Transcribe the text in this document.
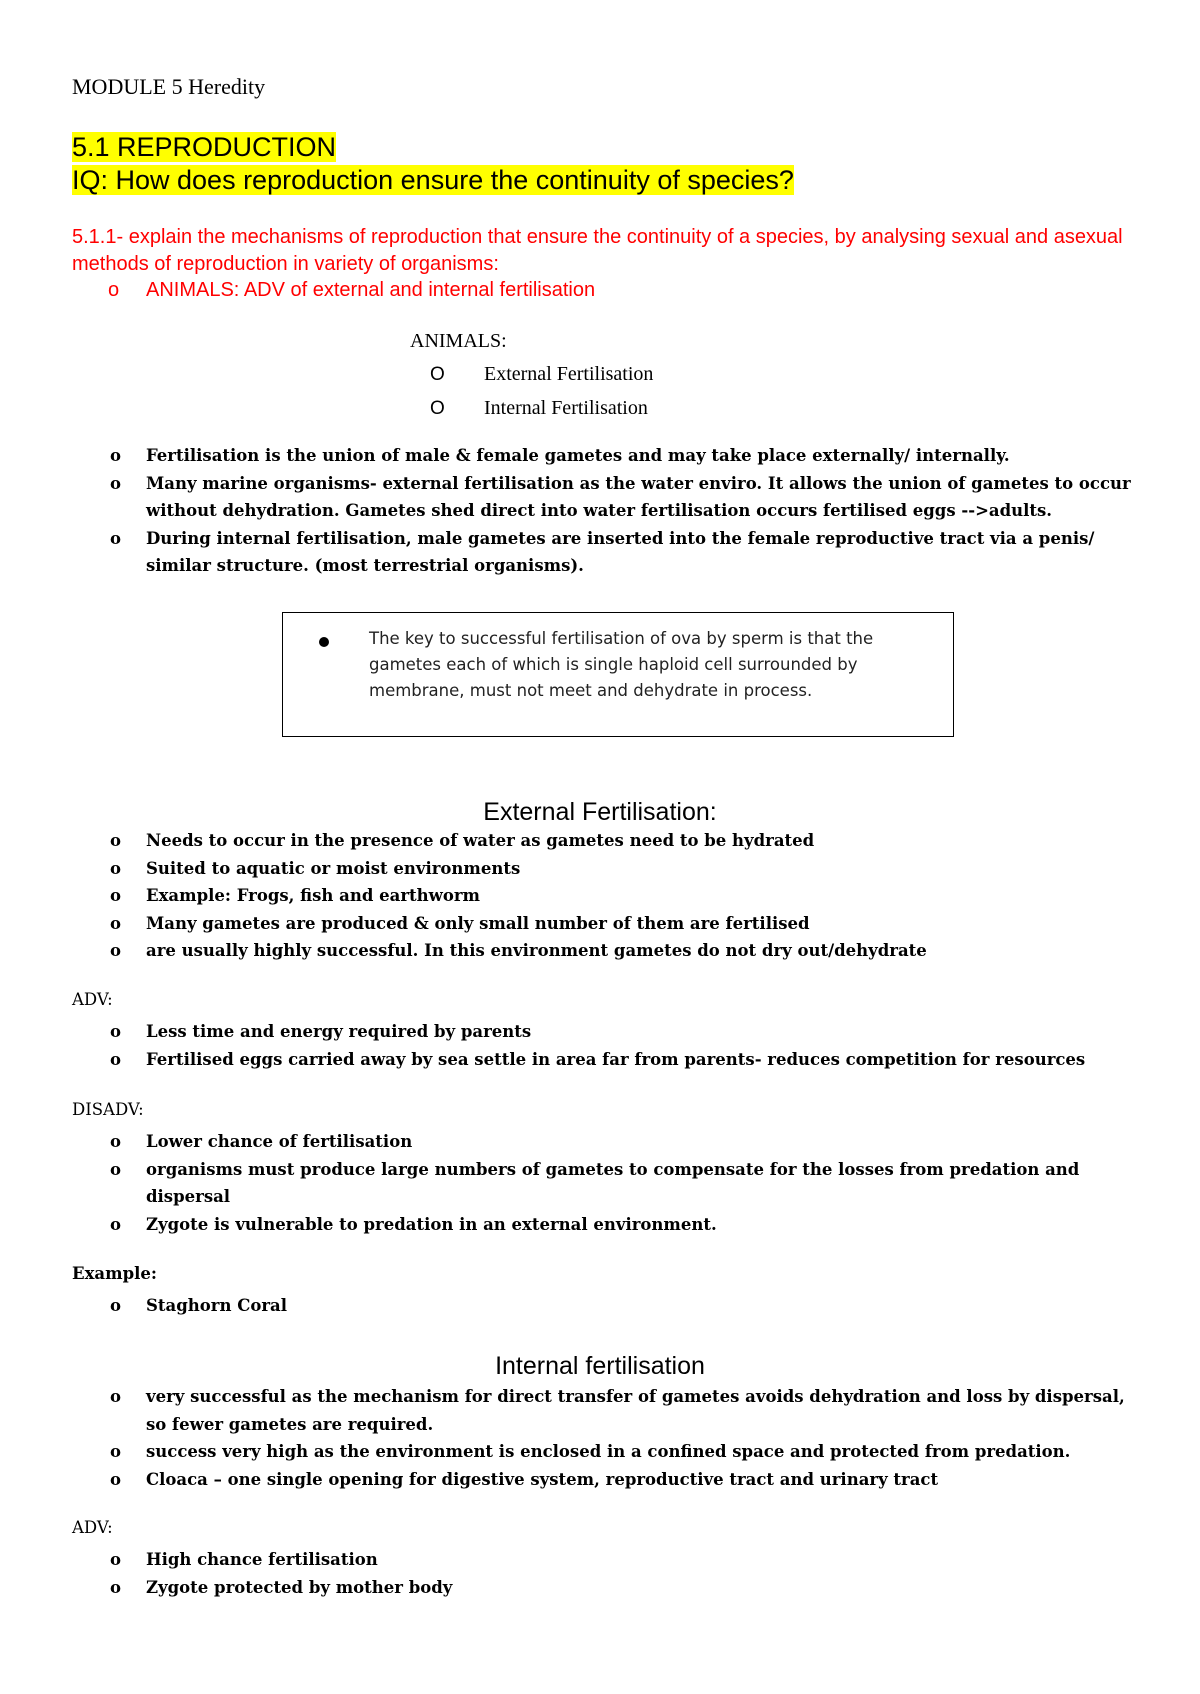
MODULE 5 Heredity
5.1 REPRODUCTION
IQ: How does reproduction ensure the continuity of species?
5.1.1- explain the mechanisms of reproduction that ensure the continuity of a species, by analysing sexual and asexual methods of reproduction in variety of organisms:
o ANIMALS: ADV of external and internal fertilisation
ANIMALS:
O External Fertilisation
O Internal Fertilisation
o Fertilisation is the union of male & female gametes and may take place externally/ internally.
o Many marine organisms- external fertilisation as the water enviro. It allows the union of gametes to occur without dehydration. Gametes shed direct into water fertilisation occurs fertilised eggs -->adults.
o During internal fertilisation, male gametes are inserted into the female reproductive tract via a penis/ similar structure. (most terrestrial organisms).
The key to successful fertilisation of ova by sperm is that the gametes each of which is single haploid cell surrounded by membrane, must not meet and dehydrate in process.
External Fertilisation:
o Needs to occur in the presence of water as gametes need to be hydrated
o Suited to aquatic or moist environments
o Example: Frogs, fish and earthworm
o Many gametes are produced & only small number of them are fertilised
o are usually highly successful. In this environment gametes do not dry out/dehydrate
ADV:
o Less time and energy required by parents
o Fertilised eggs carried away by sea settle in area far from parents- reduces competition for resources
DISADV:
o Lower chance of fertilisation
o organisms must produce large numbers of gametes to compensate for the losses from predation and dispersal
o Zygote is vulnerable to predation in an external environment.
Example:
o Staghorn Coral
Internal fertilisation
o very successful as the mechanism for direct transfer of gametes avoids dehydration and loss by dispersal, so fewer gametes are required.
o success very high as the environment is enclosed in a confined space and protected from predation.
o Cloaca – one single opening for digestive system, reproductive tract and urinary tract
ADV:
o High chance fertilisation
o Zygote protected by mother body
